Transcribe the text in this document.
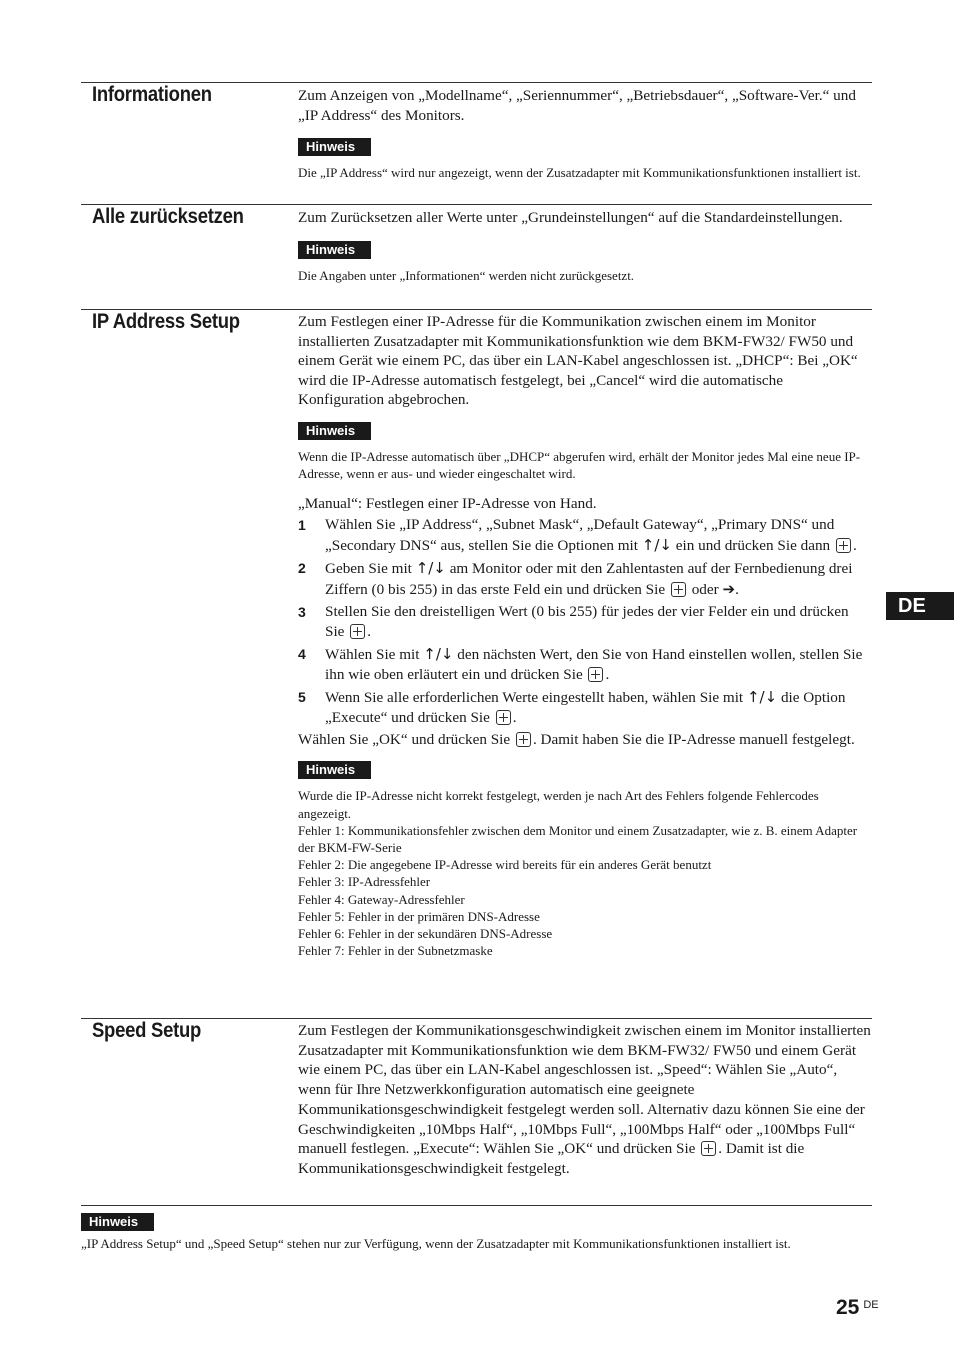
Informationen	Zum Anzeigen von „Modellname“, „Seriennummer“, „Betriebsdauer“, „Software-Ver.“ und „IP Address“ des Monitors.

Hinweis

Die „IP Address“ wird nur angezeigt, wenn der Zusatzadapter mit Kommunikationsfunktionen installiert ist.

Alle zurücksetzen	Zum Zurücksetzen aller Werte unter „Grundeinstellungen“ auf die Standardeinstellungen.

Hinweis

Die Angaben unter „Informationen“ werden nicht zurückgesetzt.

IP Address Setup	Zum Festlegen einer IP-Adresse für die Kommunikation zwischen einem im Monitor installierten Zusatzadapter mit Kommunikationsfunktion wie dem BKM-FW32/ FW50 und einem Gerät wie einem PC, das über ein LAN-Kabel angeschlossen ist. „DHCP“: Bei „OK“ wird die IP-Adresse automatisch festgelegt, bei „Cancel“ wird die automatische Konfiguration abgebrochen.

Hinweis

Wenn die IP-Adresse automatisch über „DHCP“ abgerufen wird, erhält der Monitor jedes Mal eine neue IP-Adresse, wenn er aus- und wieder eingeschaltet wird.

„Manual“: Festlegen einer IP-Adresse von Hand.

1 Wählen Sie „IP Address“, „Subnet Mask“, „Default Gateway“, „Primary DNS“ und „Secondary DNS“ aus, stellen Sie die Optionen mit ↑/↓ ein und drücken Sie dann .

2 Geben Sie mit ↑/↓ am Monitor oder mit den Zahlentasten auf der Fernbedienung drei Ziffern (0 bis 255) in das erste Feld ein und drücken Sie  oder ➔.

3 Stellen Sie den dreistelligen Wert (0 bis 255) für jedes der vier Felder ein und drücken Sie .

4 Wählen Sie mit ↑/↓ den nächsten Wert, den Sie von Hand einstellen wollen, stellen Sie ihn wie oben erläutert ein und drücken Sie .

5 Wenn Sie alle erforderlichen Werte eingestellt haben, wählen Sie mit ↑/↓ die Option „Execute“ und drücken Sie .

Wählen Sie „OK“ und drücken Sie . Damit haben Sie die IP-Adresse manuell festgelegt.

Hinweis

Wurde die IP-Adresse nicht korrekt festgelegt, werden je nach Art des Fehlers folgende Fehlercodes angezeigt.

Fehler 1: Kommunikationsfehler zwischen dem Monitor und einem Zusatzadapter, wie z. B. einem Adapter der BKM-FW-Serie

Fehler 2: Die angegebene IP-Adresse wird bereits für ein anderes Gerät benutzt

Fehler 3: IP-Adressfehler

Fehler 4: Gateway-Adressfehler

Fehler 5: Fehler in der primären DNS-Adresse

Fehler 6: Fehler in der sekundären DNS-Adresse

Fehler 7: Fehler in der Subnetzmaske

Speed Setup	Zum Festlegen der Kommunikationsgeschwindigkeit zwischen einem im Monitor installierten Zusatzadapter mit Kommunikationsfunktion wie dem BKM-FW32/ FW50 und einem Gerät wie einem PC, das über ein LAN-Kabel angeschlossen ist. „Speed“: Wählen Sie „Auto“, wenn für Ihre Netzwerkkonfiguration automatisch eine geeignete Kommunikationsgeschwindigkeit festgelegt werden soll. Alternativ dazu können Sie eine der Geschwindigkeiten „10Mbps Half“, „10Mbps Full“, „100Mbps Half“ oder „100Mbps Full“ manuell festlegen. „Execute“: Wählen Sie „OK“ und drücken Sie . Damit ist die Kommunikationsgeschwindigkeit festgelegt.

Hinweis

„IP Address Setup“ und „Speed Setup“ stehen nur zur Verfügung, wenn der Zusatzadapter mit Kommunikationsfunktionen installiert ist.

DE
25 $^{DE}$
